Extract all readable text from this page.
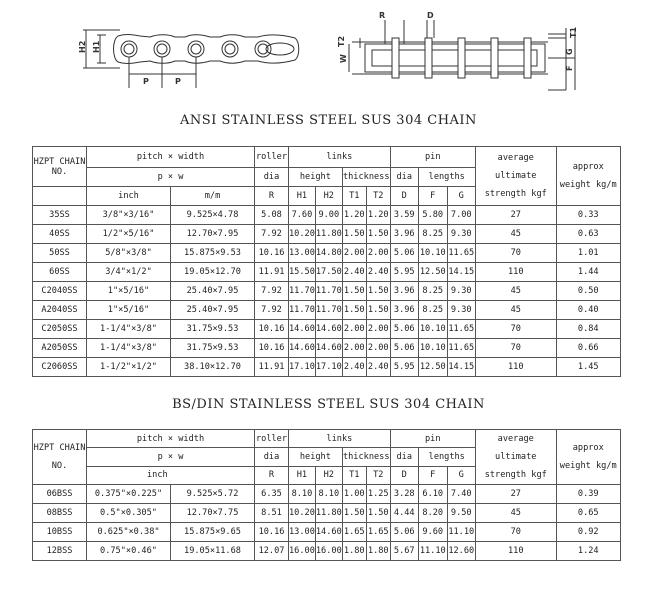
H2 H1
P	P
R	D
T2
W
T1
G
F
ANSI STAINLESS STEEL SUS 304 CHAIN
HZPT CHAIN NO.	pitch × width		roller	links				pin			average ultimate strength kgf	approx weight kg/m
	p × w		dia	height		thickness		dia	lengths			
	inch	m/m	R	H1	H2	T1	T2	D	F	G		
35SS	3/8"×3/16"	9.525×4.78	5.08	7.60	9.00	1.20	1.20	3.59	5.80	7.00	27	0.33
40SS	1/2"×5/16"	12.70×7.95	7.92	10.20	11.80	1.50	1.50	3.96	8.25	9.30	45	0.63
50SS	5/8"×3/8"	15.875×9.53	10.16	13.00	14.80	2.00	2.00	5.06	10.10	11.65	70	1.01
60SS	3/4"×1/2"	19.05×12.70	11.91	15.50	17.50	2.40	2.40	5.95	12.50	14.15	110	1.44
C2040SS	1"×5/16"	25.40×7.95	7.92	11.70	11.70	1.50	1.50	3.96	8.25	9.30	45	0.50
A2040SS	1"×5/16"	25.40×7.95	7.92	11.70	11.70	1.50	1.50	3.96	8.25	9.30	45	0.40
C2050SS	1-1/4"×3/8"	31.75×9.53	10.16	14.60	14.60	2.00	2.00	5.06	10.10	11.65	70	0.84
A2050SS	1-1/4"×3/8"	31.75×9.53	10.16	14.60	14.60	2.00	2.00	5.06	10.10	11.65	70	0.66
C2060SS	1-1/2"×1/2"	38.10×12.70	11.91	17.10	17.10	2.40	2.40	5.95	12.50	14.15	110	1.45
BS/DIN STAINLESS STEEL SUS 304 CHAIN
HZPT CHAIN NO.	pitch × width		roller	links				pin			average ultimate strength kgf	approx weight kg/m
	p × w		dia	height		thickness		dia	lengths			
	inch		R	H1	H2	T1	T2	D	F	G		
06BSS	0.375"×0.225"	9.525×5.72	6.35	8.10	8.10	1.00	1.25	3.28	6.10	7.40	27	0.39
08BSS	0.5"×0.305"	12.70×7.75	8.51	10.20	11.80	1.50	1.50	4.44	8.20	9.50	45	0.65
10BSS	0.625"×0.38"	15.875×9.65	10.16	13.00	14.60	1.65	1.65	5.06	9.60	11.10	70	0.92
12BSS	0.75"×0.46"	19.05×11.68	12.07	16.00	16.00	1.80	1.80	5.67	11.10	12.60	110	1.24
